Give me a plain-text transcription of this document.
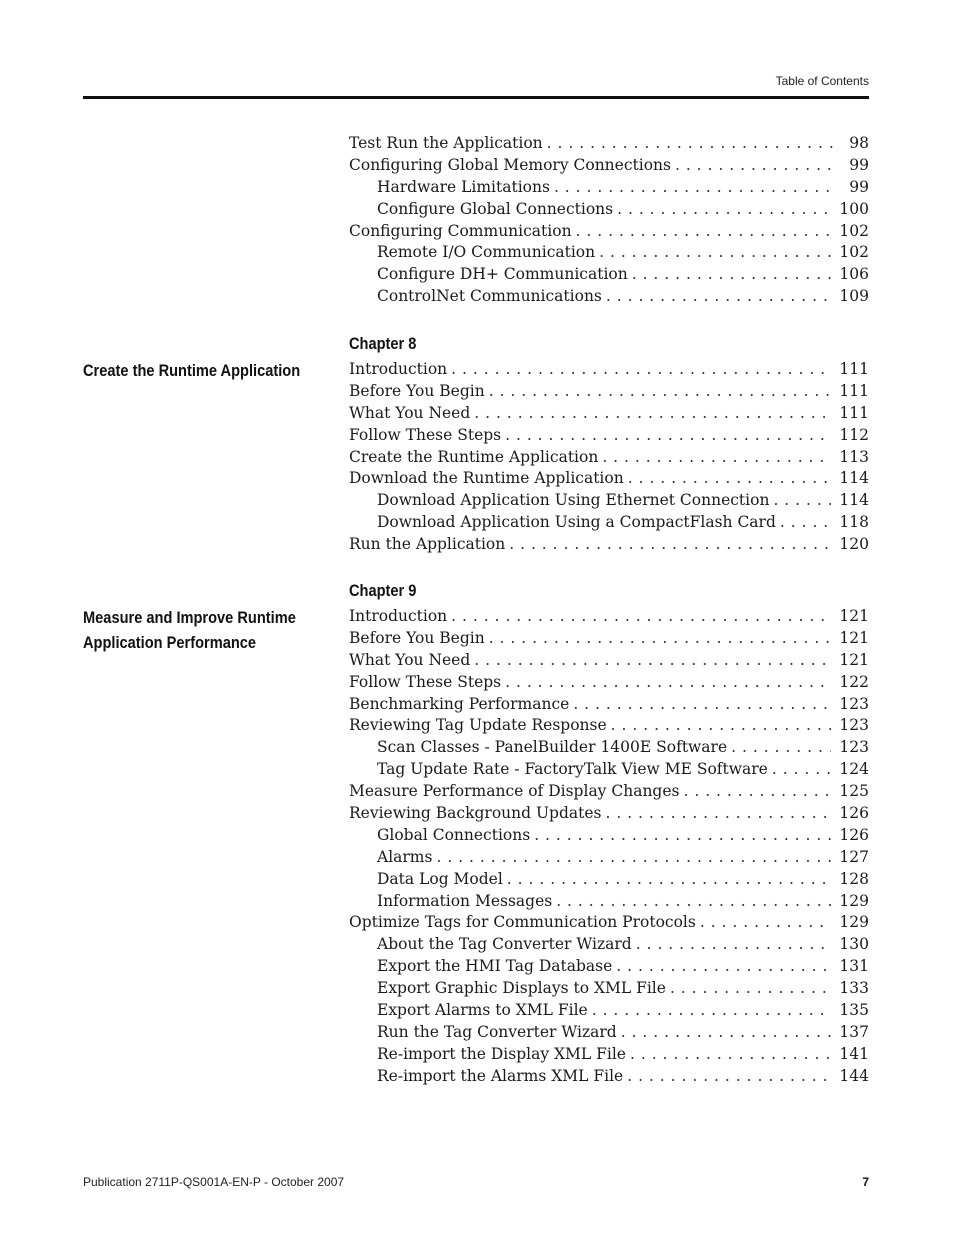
Table of Contents
Test Run the Application . . .	98
Configuring Global Memory Connections . . .	99
Hardware Limitations . . .	99
Configure Global Connections . . .	100
Configuring Communication . . .	102
Remote I/O Communication . . .	102
Configure DH+ Communication . . .	106
ControlNet Communications . . .	109
Chapter 8
Create the Runtime Application	Introduction . . .	111
Before You Begin . . .	111
What You Need . . .	111
Follow These Steps . . .	112
Create the Runtime Application . . .	113
Download the Runtime Application . . .	114
Download Application Using Ethernet Connection . . .	114
Download Application Using a CompactFlash Card . . .	118
Run the Application . . .	120
Chapter 9
Measure and Improve Runtime
Application Performance
Introduction . . .	121
Before You Begin . . .	121
What You Need . . .	121
Follow These Steps . . .	122
Benchmarking Performance . . .	123
Reviewing Tag Update Response . . .	123
Scan Classes - PanelBuilder 1400E Software . . .	123
Tag Update Rate - FactoryTalk View ME Software . . .	124
Measure Performance of Display Changes . . .	125
Reviewing Background Updates . . .	126
Global Connections . . .	126
Alarms . . .	127
Data Log Model . . .	128
Information Messages . . .	129
Optimize Tags for Communication Protocols . . .	129
About the Tag Converter Wizard . . .	130
Export the HMI Tag Database . . .	131
Export Graphic Displays to XML File . . .	133
Export Alarms to XML File . . .	135
Run the Tag Converter Wizard . . .	137
Re-import the Display XML File . . .	141
Re-import the Alarms XML File . . .	144
Publication 2711P-QS001A-EN-P - October 2007	7
